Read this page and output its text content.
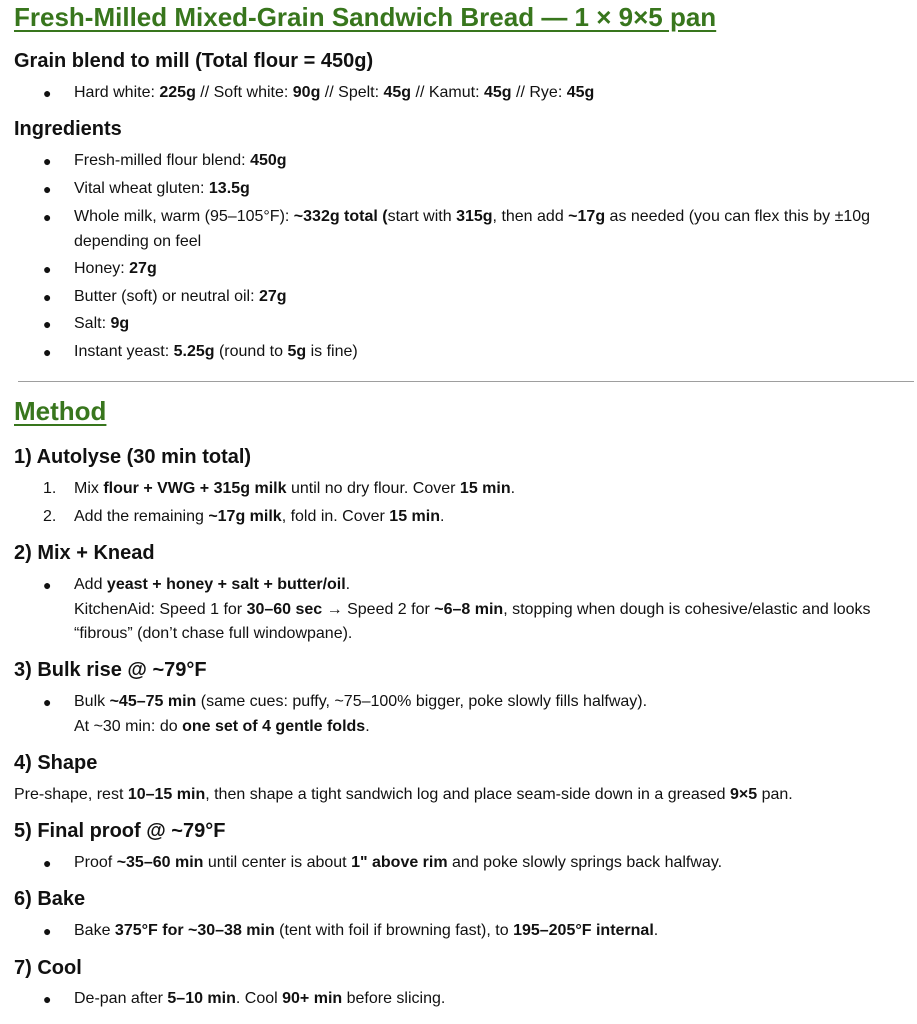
Fresh-Milled Mixed-Grain Sandwich Bread — 1 × 9×5 pan
Grain blend to mill (Total flour = 450g)
● Hard white: 225g // Soft white: 90g // Spelt: 45g // Kamut: 45g // Rye: 45g
Ingredients
● Fresh-milled flour blend: 450g
● Vital wheat gluten: 13.5g
● Whole milk, warm (95–105°F): ~332g total (start with 315g, then add ~17g as needed (you can flex this by ±10g depending on feel
● Honey: 27g
● Butter (soft) or neutral oil: 27g
● Salt: 9g
● Instant yeast: 5.25g (round to 5g is fine)
Method
1) Autolyse (30 min total)
1.	Mix flour + VWG + 315g milk until no dry flour. Cover 15 min.
2.	Add the remaining ~17g milk, fold in. Cover 15 min.
2) Mix + Knead
● Add yeast + honey + salt + butter/oil.
KitchenAid: Speed 1 for 30–60 sec → Speed 2 for ~6–8 min, stopping when dough is cohesive/elastic and looks “fibrous” (don’t chase full windowpane).
3) Bulk rise @ ~79°F
● Bulk ~45–75 min (same cues: puffy, ~75–100% bigger, poke slowly fills halfway).
At ~30 min: do one set of 4 gentle folds.
4) Shape
Pre-shape, rest 10–15 min, then shape a tight sandwich log and place seam-side down in a greased 9×5 pan.
5) Final proof @ ~79°F
● Proof ~35–60 min until center is about 1" above rim and poke slowly springs back halfway.
6) Bake
● Bake 375°F for ~30–38 min (tent with foil if browning fast), to 195–205°F internal.
7) Cool
● De-pan after 5–10 min. Cool 90+ min before slicing.
